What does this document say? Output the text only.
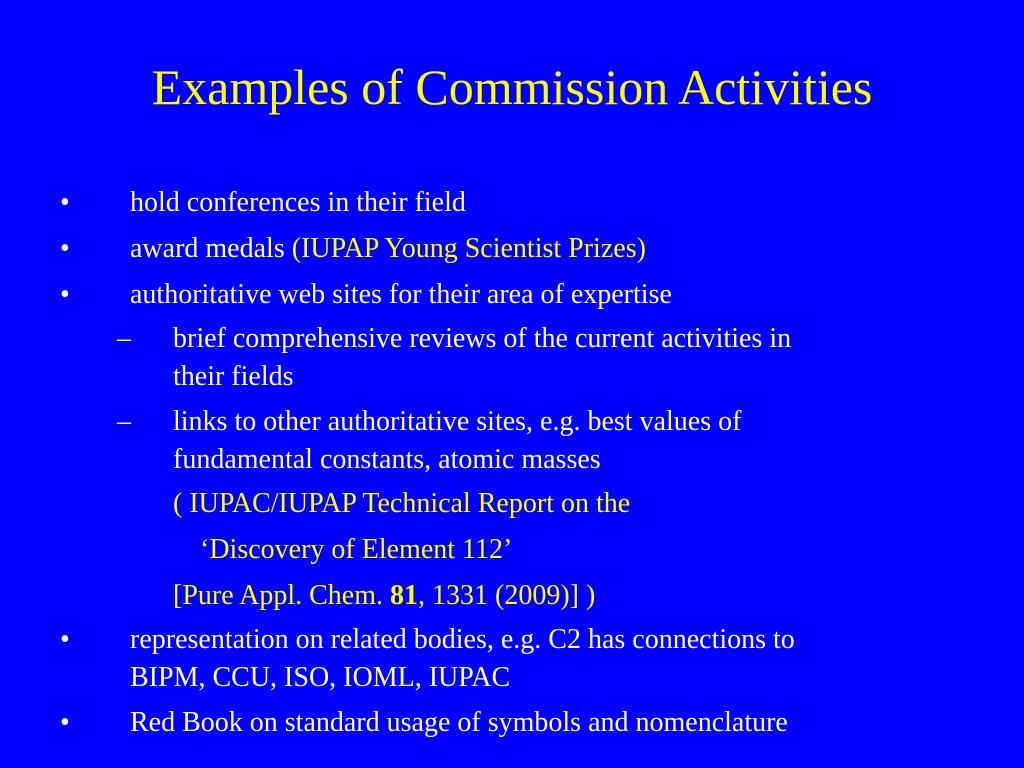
Examples of Commission Activities
• hold conferences in their field
• award medals (IUPAP Young Scientist Prizes)
• authoritative web sites for their area of expertise
– brief comprehensive reviews of the current activities in
their fields
– links to other authoritative sites, e.g. best values of
fundamental constants, atomic masses
( IUPAC/IUPAP Technical Report on the
‘Discovery of Element 112’
[Pure Appl. Chem. 81, 1331 (2009)] )
• representation on related bodies, e.g. C2 has connections to
BIPM, CCU, ISO, IOML, IUPAC
• Red Book on standard usage of symbols and nomenclature
